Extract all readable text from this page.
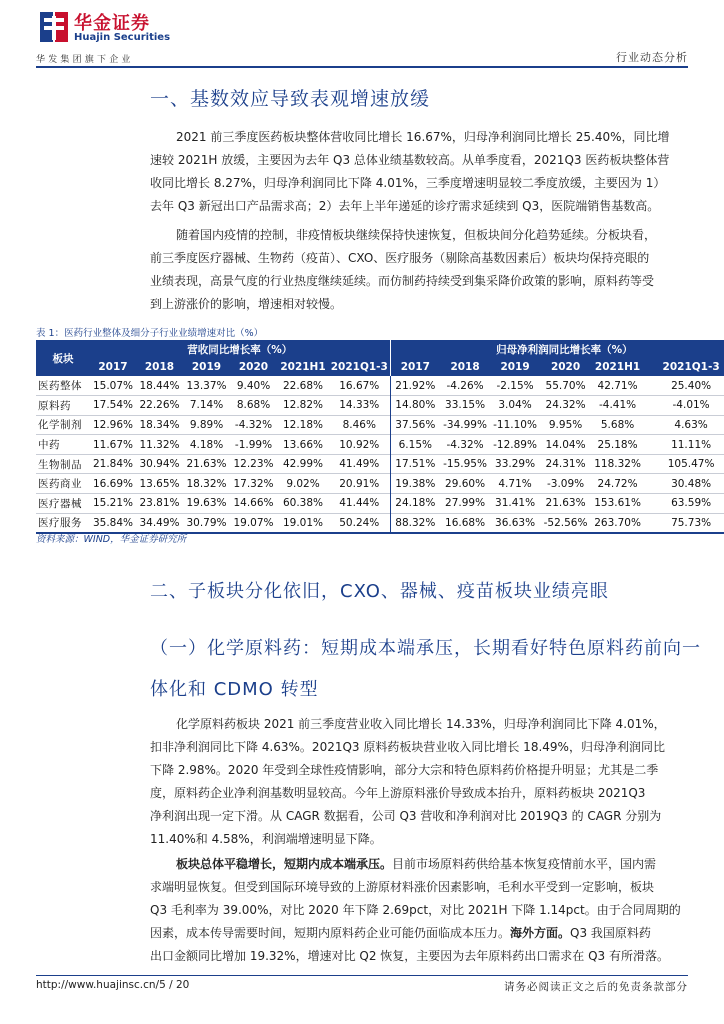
华金证券
Huajin Securities
华发集团旗下企业	行业动态分析
一、基数效应导致表观增速放缓
2021 前三季度医药板块整体营收同比增长 16.67%，归母净利润同比增长 25.40%，同比增
速较 2021H 放缓，主要因为去年 Q3 总体业绩基数较高。从单季度看，2021Q3 医药板块整体营
收同比增长 8.27%，归母净利润同比下降 4.01%，三季度增速明显较二季度放缓，主要因为 1）
去年 Q3 新冠出口产品需求高；2）去年上半年递延的诊疗需求延续到 Q3，医院端销售基数高。
随着国内疫情的控制，非疫情板块继续保持快速恢复，但板块间分化趋势延续。分板块看，
前三季度医疗器械、生物药（疫苗）、CXO、医疗服务（剔除高基数因素后）板块均保持亮眼的
业绩表现，高景气度的行业热度继续延续。而仿制药持续受到集采降价政策的影响，原料药等受
到上游涨价的影响，增速相对较慢。
表 1：医药行业整体及细分子行业业绩增速对比（%）
板块	营收同比增长率（%）						归母净利润同比增长率（%）					
	2017	2018	2019	2020	2021H1	2021Q1-3	2017	2018	2019	2020	2021H1	2021Q1-3
医药整体	15.07%	18.44%	13.37%	9.40%	22.68%	16.67%	21.92%	-4.26%	-2.15%	55.70%	42.71%	25.40%
原料药	17.54%	22.26%	7.14%	8.68%	12.82%	14.33%	14.80%	33.15%	3.04%	24.32%	-4.41%	-4.01%
化学制剂	12.96%	18.34%	9.89%	-4.32%	12.18%	8.46%	37.56%	-34.99%	-11.10%	9.95%	5.68%	4.63%
中药	11.67%	11.32%	4.18%	-1.99%	13.66%	10.92%	6.15%	-4.32%	-12.89%	14.04%	25.18%	11.11%
生物制品	21.84%	30.94%	21.63%	12.23%	42.99%	41.49%	17.51%	-15.95%	33.29%	24.31%	118.32%	105.47%
医药商业	16.69%	13.65%	18.32%	17.32%	9.02%	20.91%	19.38%	29.60%	4.71%	-3.09%	24.72%	30.48%
医疗器械	15.21%	23.81%	19.63%	14.66%	60.38%	41.44%	24.18%	27.99%	31.41%	21.63%	153.61%	63.59%
医疗服务	35.84%	34.49%	30.79%	19.07%	19.01%	50.24%	88.32%	16.68%	36.63%	-52.56%	263.70%	75.73%
资料来源：WIND，华金证券研究所
二、子板块分化依旧，CXO、器械、疫苗板块业绩亮眼
（一）化学原料药：短期成本端承压，长期看好特色原料药前向一
体化和 CDMO 转型
化学原料药板块 2021 前三季度营业收入同比增长 14.33%，归母净利润同比下降 4.01%，
扣非净利润同比下降 4.63%。2021Q3 原料药板块营业收入同比增长 18.49%，归母净利润同比
下降 2.98%。2020 年受到全球性疫情影响，部分大宗和特色原料药价格提升明显；尤其是二季
度，原料药企业净利润基数明显较高。今年上游原料涨价导致成本抬升，原料药板块 2021Q3
净利润出现一定下滑。从 CAGR 数据看，公司 Q3 营收和净利润对比 2019Q3 的 CAGR 分别为
11.40%和 4.58%，利润端增速明显下降。
板块总体平稳增长，短期内成本端承压。目前市场原料药供给基本恢复疫情前水平，国内需
求端明显恢复。但受到国际环境导致的上游原材料涨价因素影响，毛利水平受到一定影响，板块
Q3 毛利率为 39.00%，对比 2020 年下降 2.69pct，对比 2021H 下降 1.14pct。由于合同周期的
因素，成本传导需要时间，短期内原料药企业可能仍面临成本压力。海外方面。Q3 我国原料药
出口金额同比增加 19.32%，增速对比 Q2 恢复，主要因为去年原料药出口需求在 Q3 有所滑落。
http://www.huajinsc.cn/5 / 20	请务必阅读正文之后的免责条款部分
